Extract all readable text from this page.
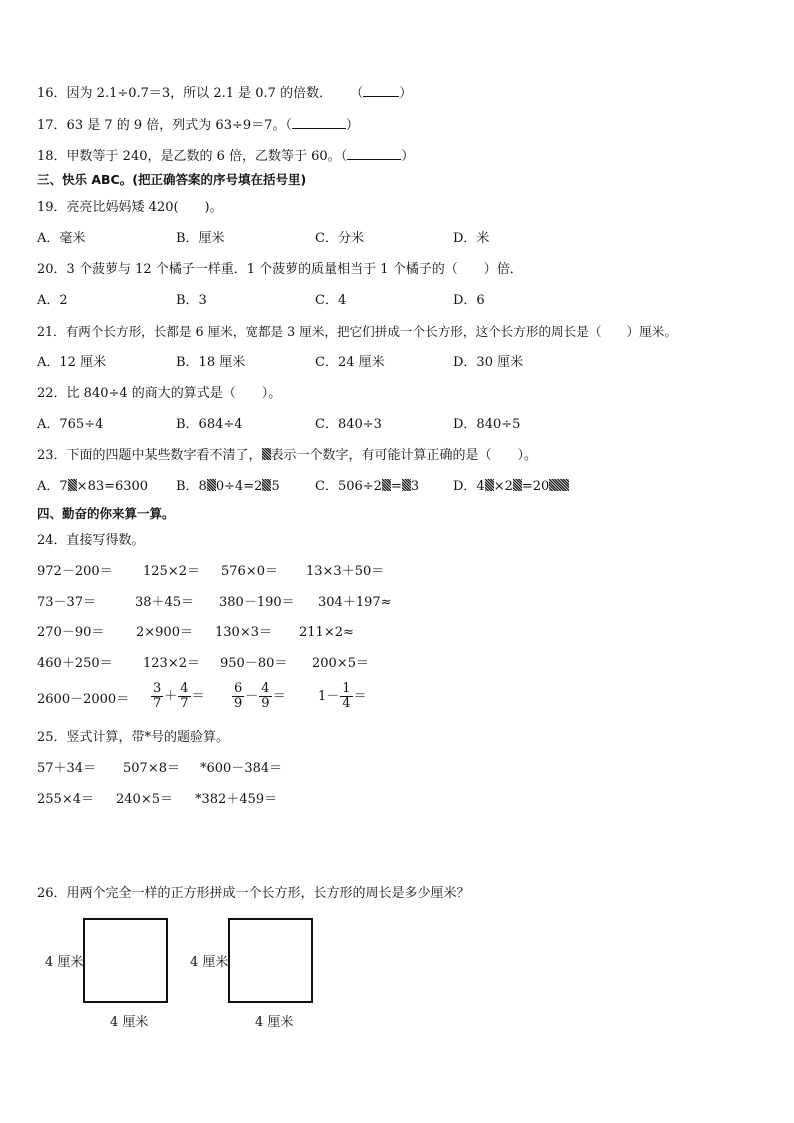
16．因为 2.1÷0.7＝3，所以 2.1 是 0.7 的倍数． （	）
17．63 是 7 的 9 倍，列式为 63÷9＝7。（	）
18．甲数等于 240，是乙数的 6 倍，乙数等于 60。（	）
三、快乐 ABC。(把正确答案的序号填在括号里)
19．亮亮比妈妈矮 420(　　)。
A．毫米	B．厘米	C．分米	D．米
20．3 个菠萝与 12 个橘子一样重．1 个菠萝的质量相当于 1 个橘子的（　　）倍．
A．2	B．3	C．4	D．6
21．有两个长方形，长都是 6 厘米，宽都是 3 厘米，把它们拼成一个长方形，这个长方形的周长是（　　）厘米。
A．12 厘米	B．18 厘米	C．24 厘米	D．30 厘米
22．比 840÷4 的商大的算式是（　　）。
A．765÷4	B．684÷4	C．840÷3	D．840÷5
23．下面的四题中某些数字看不清了， 表示一个数字，有可能计算正确的是（　　）。
A．7 ×83=6300 B．8 0÷4=2 5	C．506÷2 = 3	D．4 ×2 =20
四、勤奋的你来算一算。
24．直接写得数。
972－200＝ 125×2＝ 576×0＝ 13×3＋50＝
73－37＝	38＋45＝ 380－190＝ 304＋197≈
270－90＝ 2×900＝ 130×3＝ 211×2≈
460＋250＝ 123×2＝ 950－80＝ 200×5＝
$2600-2000= \frac{3}{7} + \frac{4}{7} = \frac{6}{9} - \frac{4}{9} = 1- \frac{1}{4}$ ＝
25．竖式计算，带*号的题验算。
57＋34＝ 507×8＝ *600－384＝
255×4＝ 240×5＝ *382＋459＝
26．用两个完全一样的正方形拼成一个长方形，长方形的周长是多少厘米？
4 厘米
4 厘米
4 厘米
4 厘米
